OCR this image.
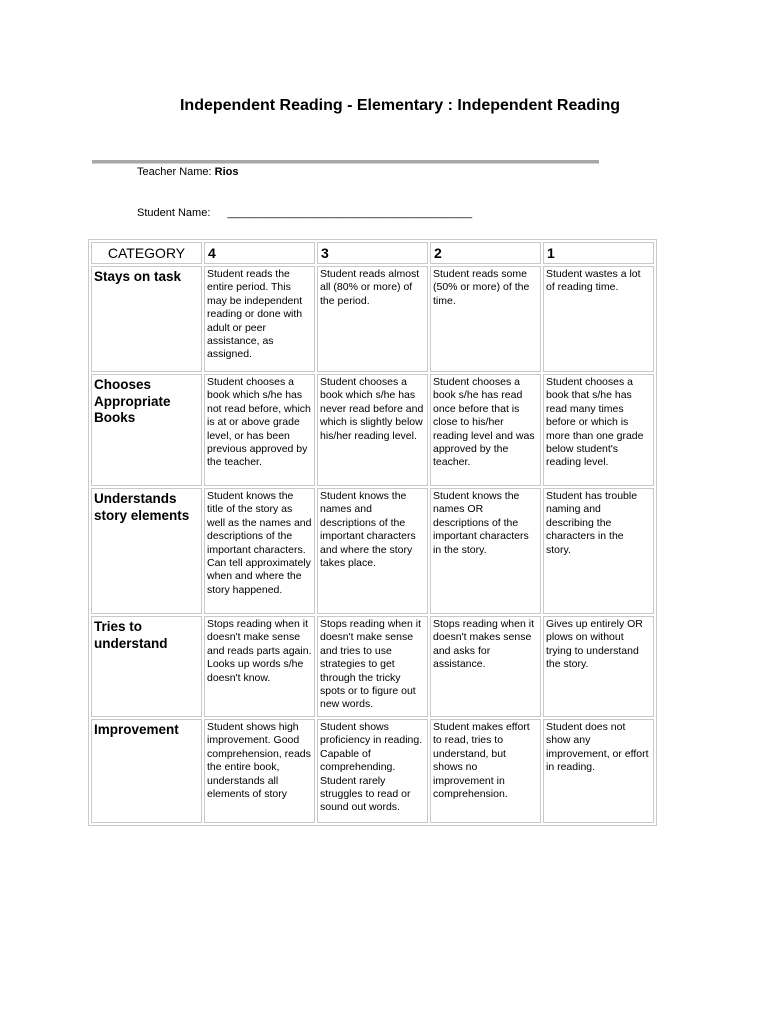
Independent Reading - Elementary : Independent Reading
Teacher Name: Rios
Student Name: ________________________________________
CATEGORY	4	3	2	1
Stays on task	Student reads the entire period. This may be independent reading or done with adult or peer assistance, as assigned.	Student reads almost all (80% or more) of the period.	Student reads some (50% or more) of the time.	Student wastes a lot of reading time.
Chooses Appropriate Books	Student chooses a book which s/he has not read before, which is at or above grade level, or has been previous approved by the teacher.	Student chooses a book which s/he has never read before and which is slightly below his/her reading level.	Student chooses a book s/he has read once before that is close to his/her reading level and was approved by the teacher.	Student chooses a book that s/he has read many times before or which is more than one grade below student's reading level.
Understands story elements	Student knows the title of the story as well as the names and descriptions of the important characters. Can tell approximately when and where the story happened.	Student knows the names and descriptions of the important characters and where the story takes place.	Student knows the names OR descriptions of the important characters in the story.	Student has trouble naming and describing the characters in the story.
Tries to understand	Stops reading when it doesn't make sense and reads parts again. Looks up words s/he doesn't know.	Stops reading when it doesn't make sense and tries to use strategies to get through the tricky spots or to figure out new words.	Stops reading when it doesn't makes sense and asks for assistance.	Gives up entirely OR plows on without trying to understand the story.
Improvement	Student shows high improvement. Good comprehension, reads the entire book, understands all elements of story	Student shows proficiency in reading. Capable of comprehending. Student rarely struggles to read or sound out words.	Student makes effort to read, tries to understand, but shows no improvement in comprehension.	Student does not show any improvement, or effort in reading.
